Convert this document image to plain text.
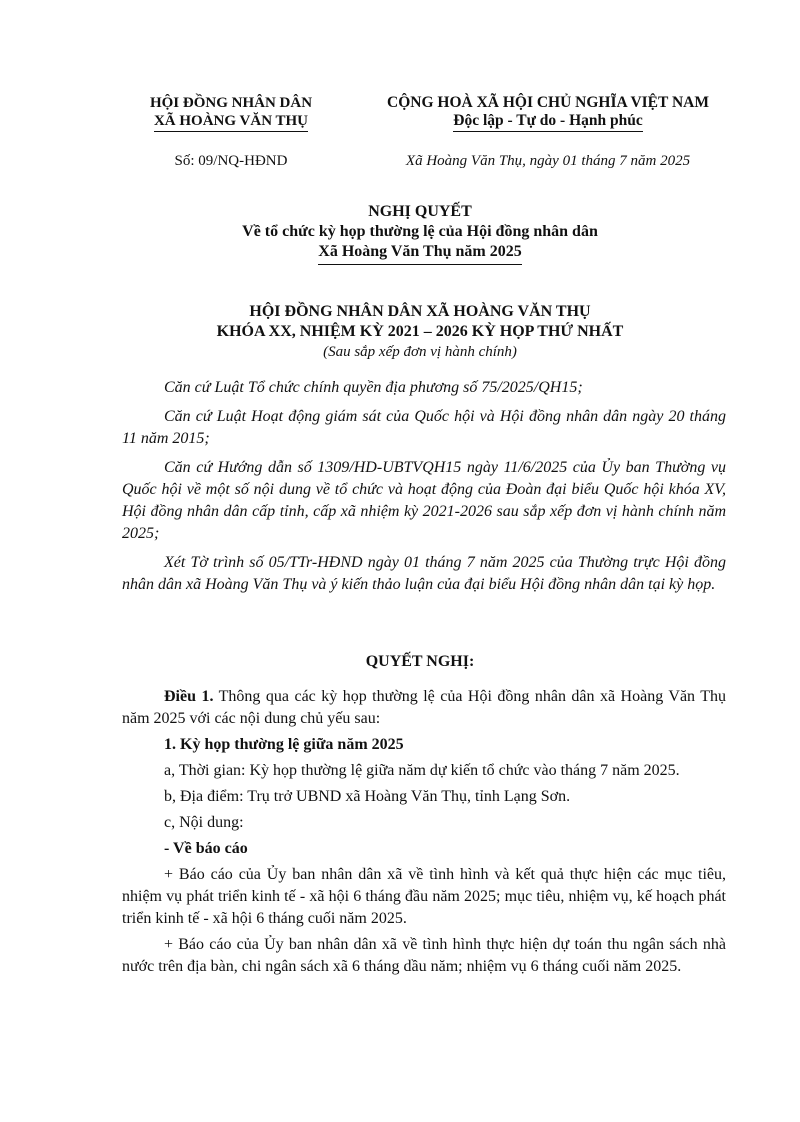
HỘI ĐỒNG NHÂN DÂN
XÃ HOÀNG VĂN THỤ
CỘNG HOÀ XÃ HỘI CHỦ NGHĨA VIỆT NAM
Độc lập - Tự do - Hạnh phúc
Số: 09/NQ-HĐND	Xã Hoàng Văn Thụ, ngày 01 tháng 7 năm 2025
NGHỊ QUYẾT
Về tổ chức kỳ họp thường lệ của Hội đồng nhân dân
Xã Hoàng Văn Thụ năm 2025
HỘI ĐỒNG NHÂN DÂN XÃ HOÀNG VĂN THỤ
KHÓA XX, NHIỆM KỲ 2021 – 2026 KỲ HỌP THỨ NHẤT
(Sau sắp xếp đơn vị hành chính)

Căn cứ Luật Tổ chức chính quyền địa phương số 75/2025/QH15;

Căn cứ Luật Hoạt động giám sát của Quốc hội và Hội đồng nhân dân ngày 20 tháng 11 năm 2015;

Căn cứ Hướng dẫn số 1309/HD-UBTVQH15 ngày 11/6/2025 của Ủy ban Thường vụ Quốc hội về một số nội dung về tổ chức và hoạt động của Đoàn đại biểu Quốc hội khóa XV, Hội đồng nhân dân cấp tỉnh, cấp xã nhiệm kỳ 2021-2026 sau sắp xếp đơn vị hành chính năm 2025;

Xét Tờ trình số 05/TTr-HĐND ngày 01 tháng 7 năm 2025 của Thường trực Hội đồng nhân dân xã Hoàng Văn Thụ và ý kiến thảo luận của đại biểu Hội đồng nhân dân tại kỳ họp.

QUYẾT NGHỊ:

Điều 1. Thông qua các kỳ họp thường lệ của Hội đồng nhân dân xã Hoàng Văn Thụ năm 2025 với các nội dung chủ yếu sau:

1. Kỳ họp thường lệ giữa năm 2025

a, Thời gian: Kỳ họp thường lệ giữa năm dự kiến tổ chức vào tháng 7 năm 2025.

b, Địa điểm: Trụ trở UBND xã Hoàng Văn Thụ, tỉnh Lạng Sơn.

c, Nội dung:

- Về báo cáo

+ Báo cáo của Ủy ban nhân dân xã về tình hình và kết quả thực hiện các mục tiêu, nhiệm vụ phát triển kinh tế - xã hội 6 tháng đầu năm 2025; mục tiêu, nhiệm vụ, kế hoạch phát triển kinh tế - xã hội 6 tháng cuối năm 2025.

+ Báo cáo của Ủy ban nhân dân xã về tình hình thực hiện dự toán thu ngân sách nhà nước trên địa bàn, chi ngân sách xã 6 tháng dầu năm; nhiệm vụ 6 tháng cuối năm 2025.
